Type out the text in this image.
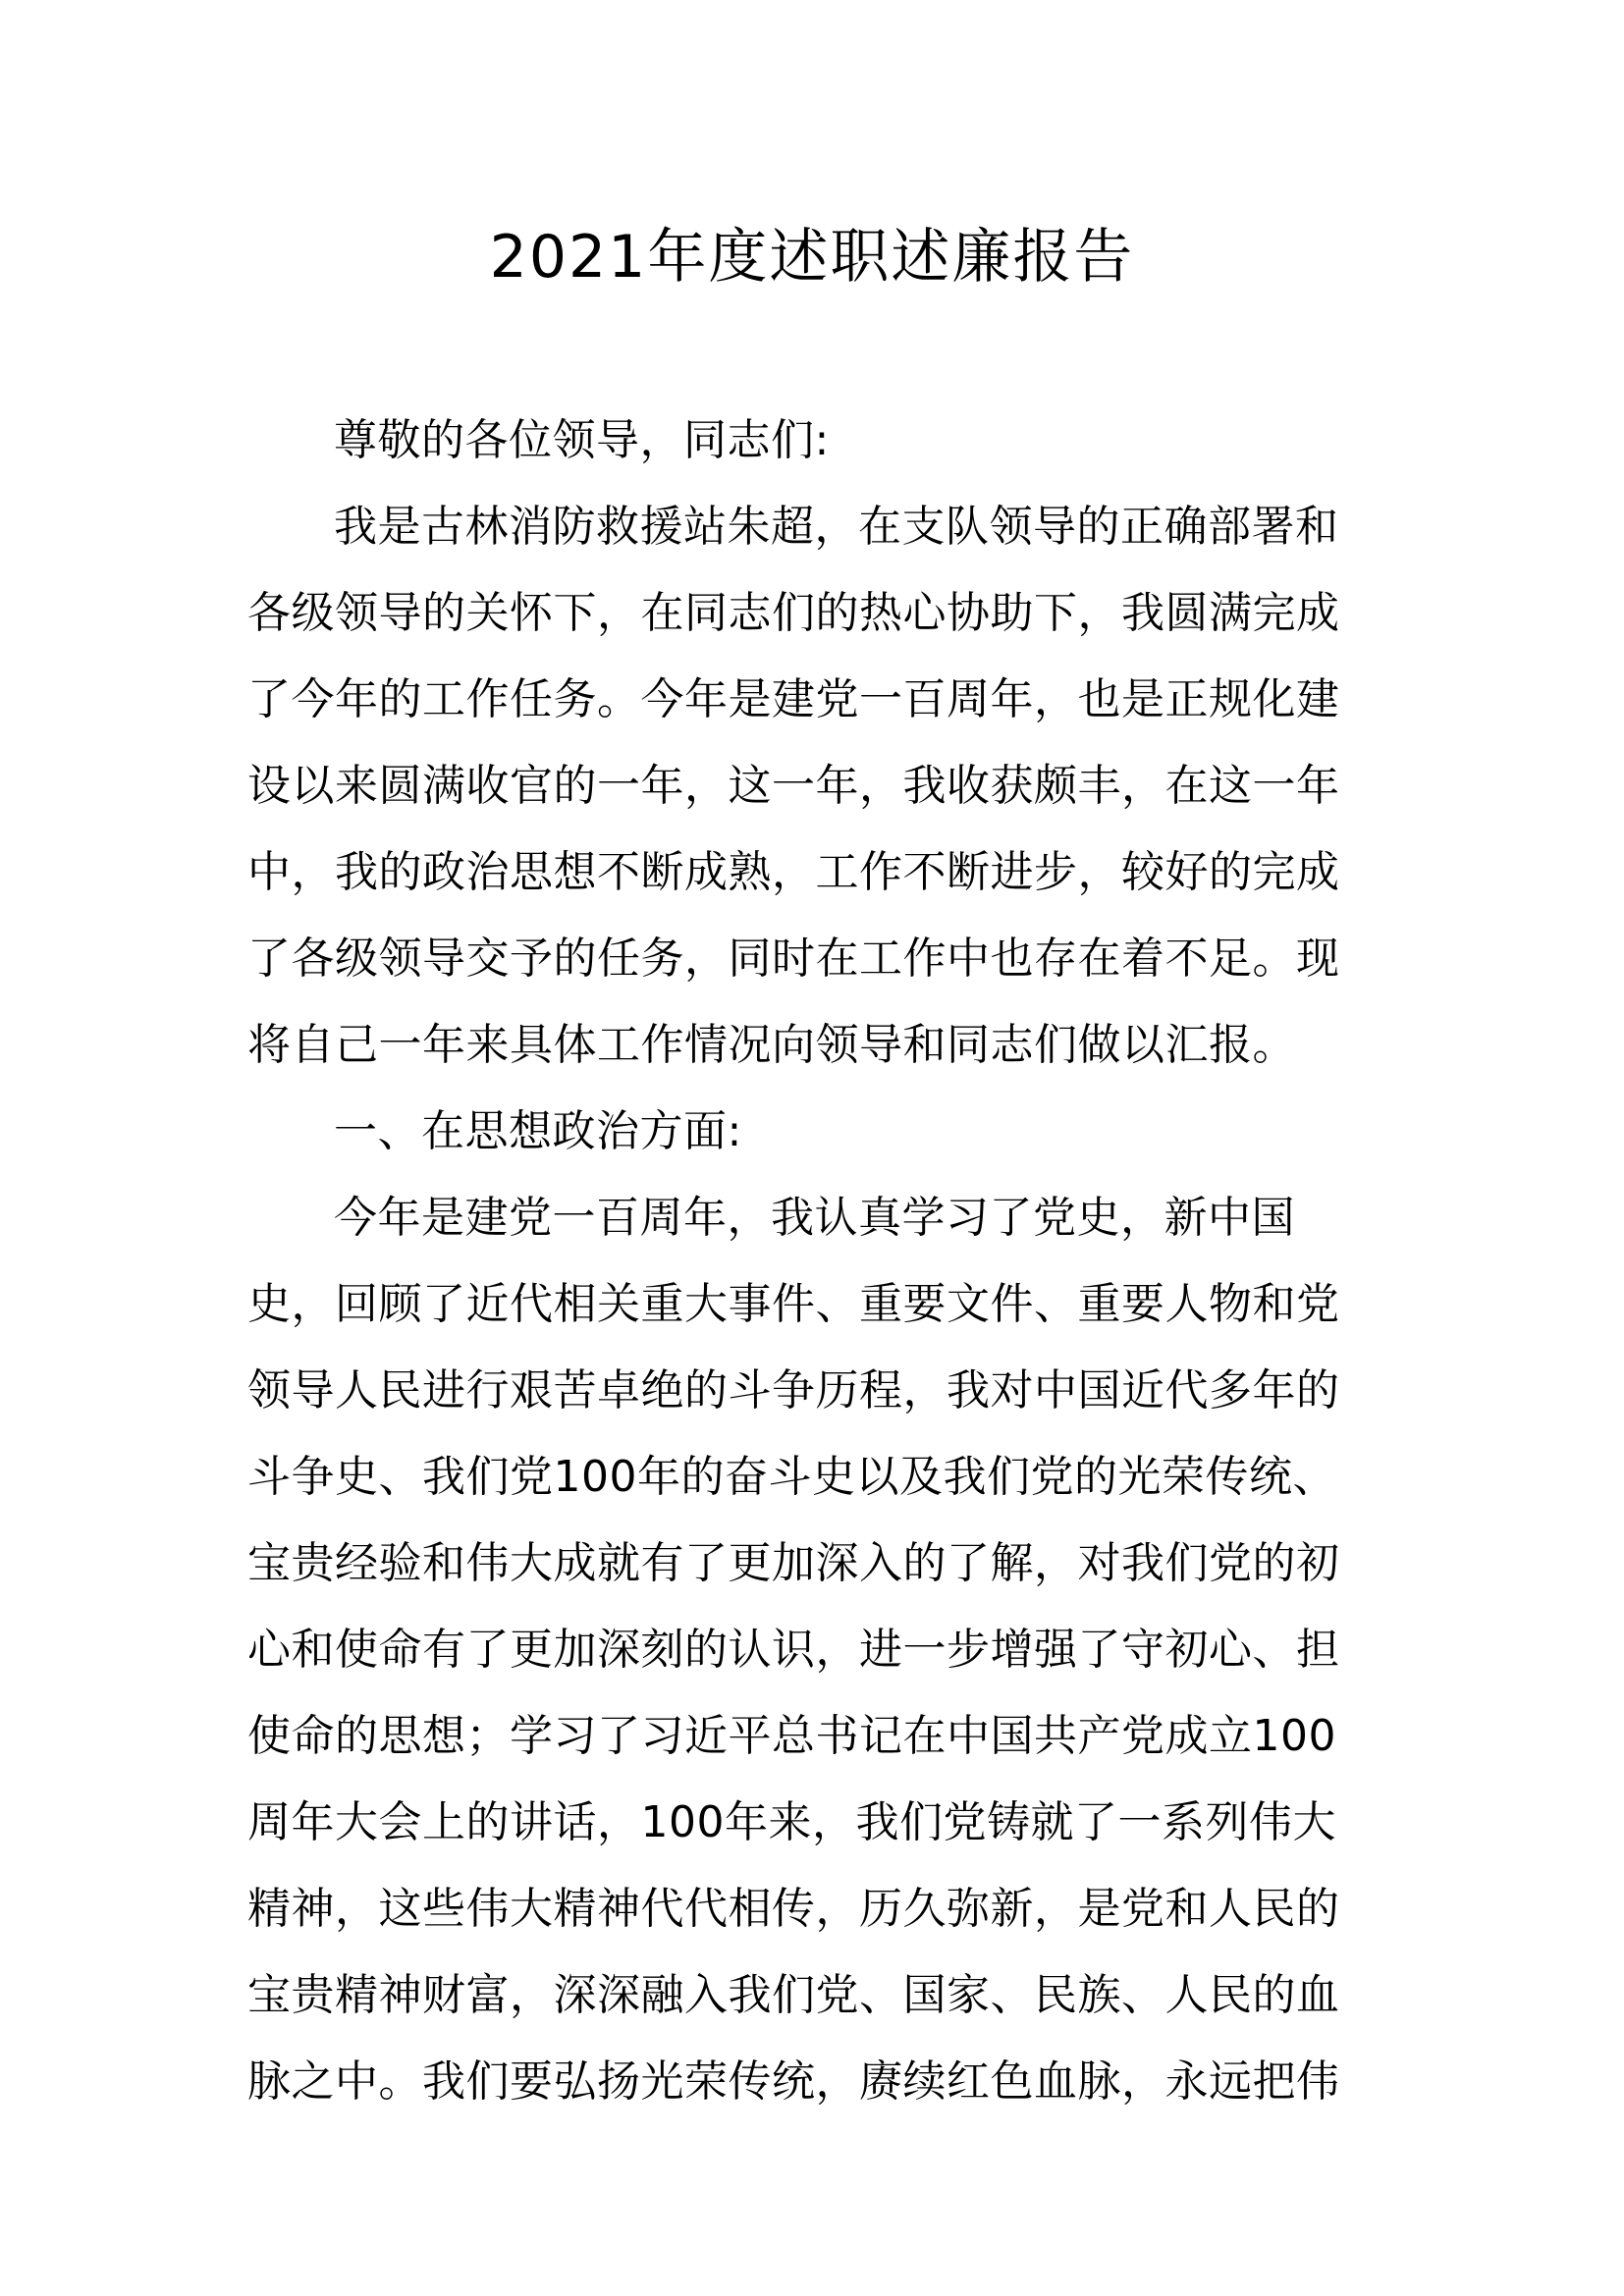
2021年度述职述廉报告
尊敬的各位领导，同志们:
我是古林消防救援站朱超，在支队领导的正确部署和
各级领导的关怀下，在同志们的热心协助下，我圆满完成
了今年的工作任务。今年是建党一百周年，也是正规化建
设以来圆满收官的一年，这一年，我收获颇丰，在这一年
中，我的政治思想不断成熟，工作不断进步，较好的完成
了各级领导交予的任务，同时在工作中也存在着不足。现
将自己一年来具体工作情况向领导和同志们做以汇报。
一、在思想政治方面:
今年是建党一百周年，我认真学习了党史，新中国
史，回顾了近代相关重大事件、重要文件、重要人物和党
领导人民进行艰苦卓绝的斗争历程，我对中国近代多年的
斗争史、我们党100年的奋斗史以及我们党的光荣传统、
宝贵经验和伟大成就有了更加深入的了解，对我们党的初
心和使命有了更加深刻的认识，进一步增强了守初心、担
使命的思想；学习了习近平总书记在中国共产党成立100
周年大会上的讲话，100年来，我们党铸就了一系列伟大
精神，这些伟大精神代代相传，历久弥新，是党和人民的
宝贵精神财富，深深融入我们党、国家、民族、人民的血
脉之中。我们要弘扬光荣传统，赓续红色血脉，永远把伟
